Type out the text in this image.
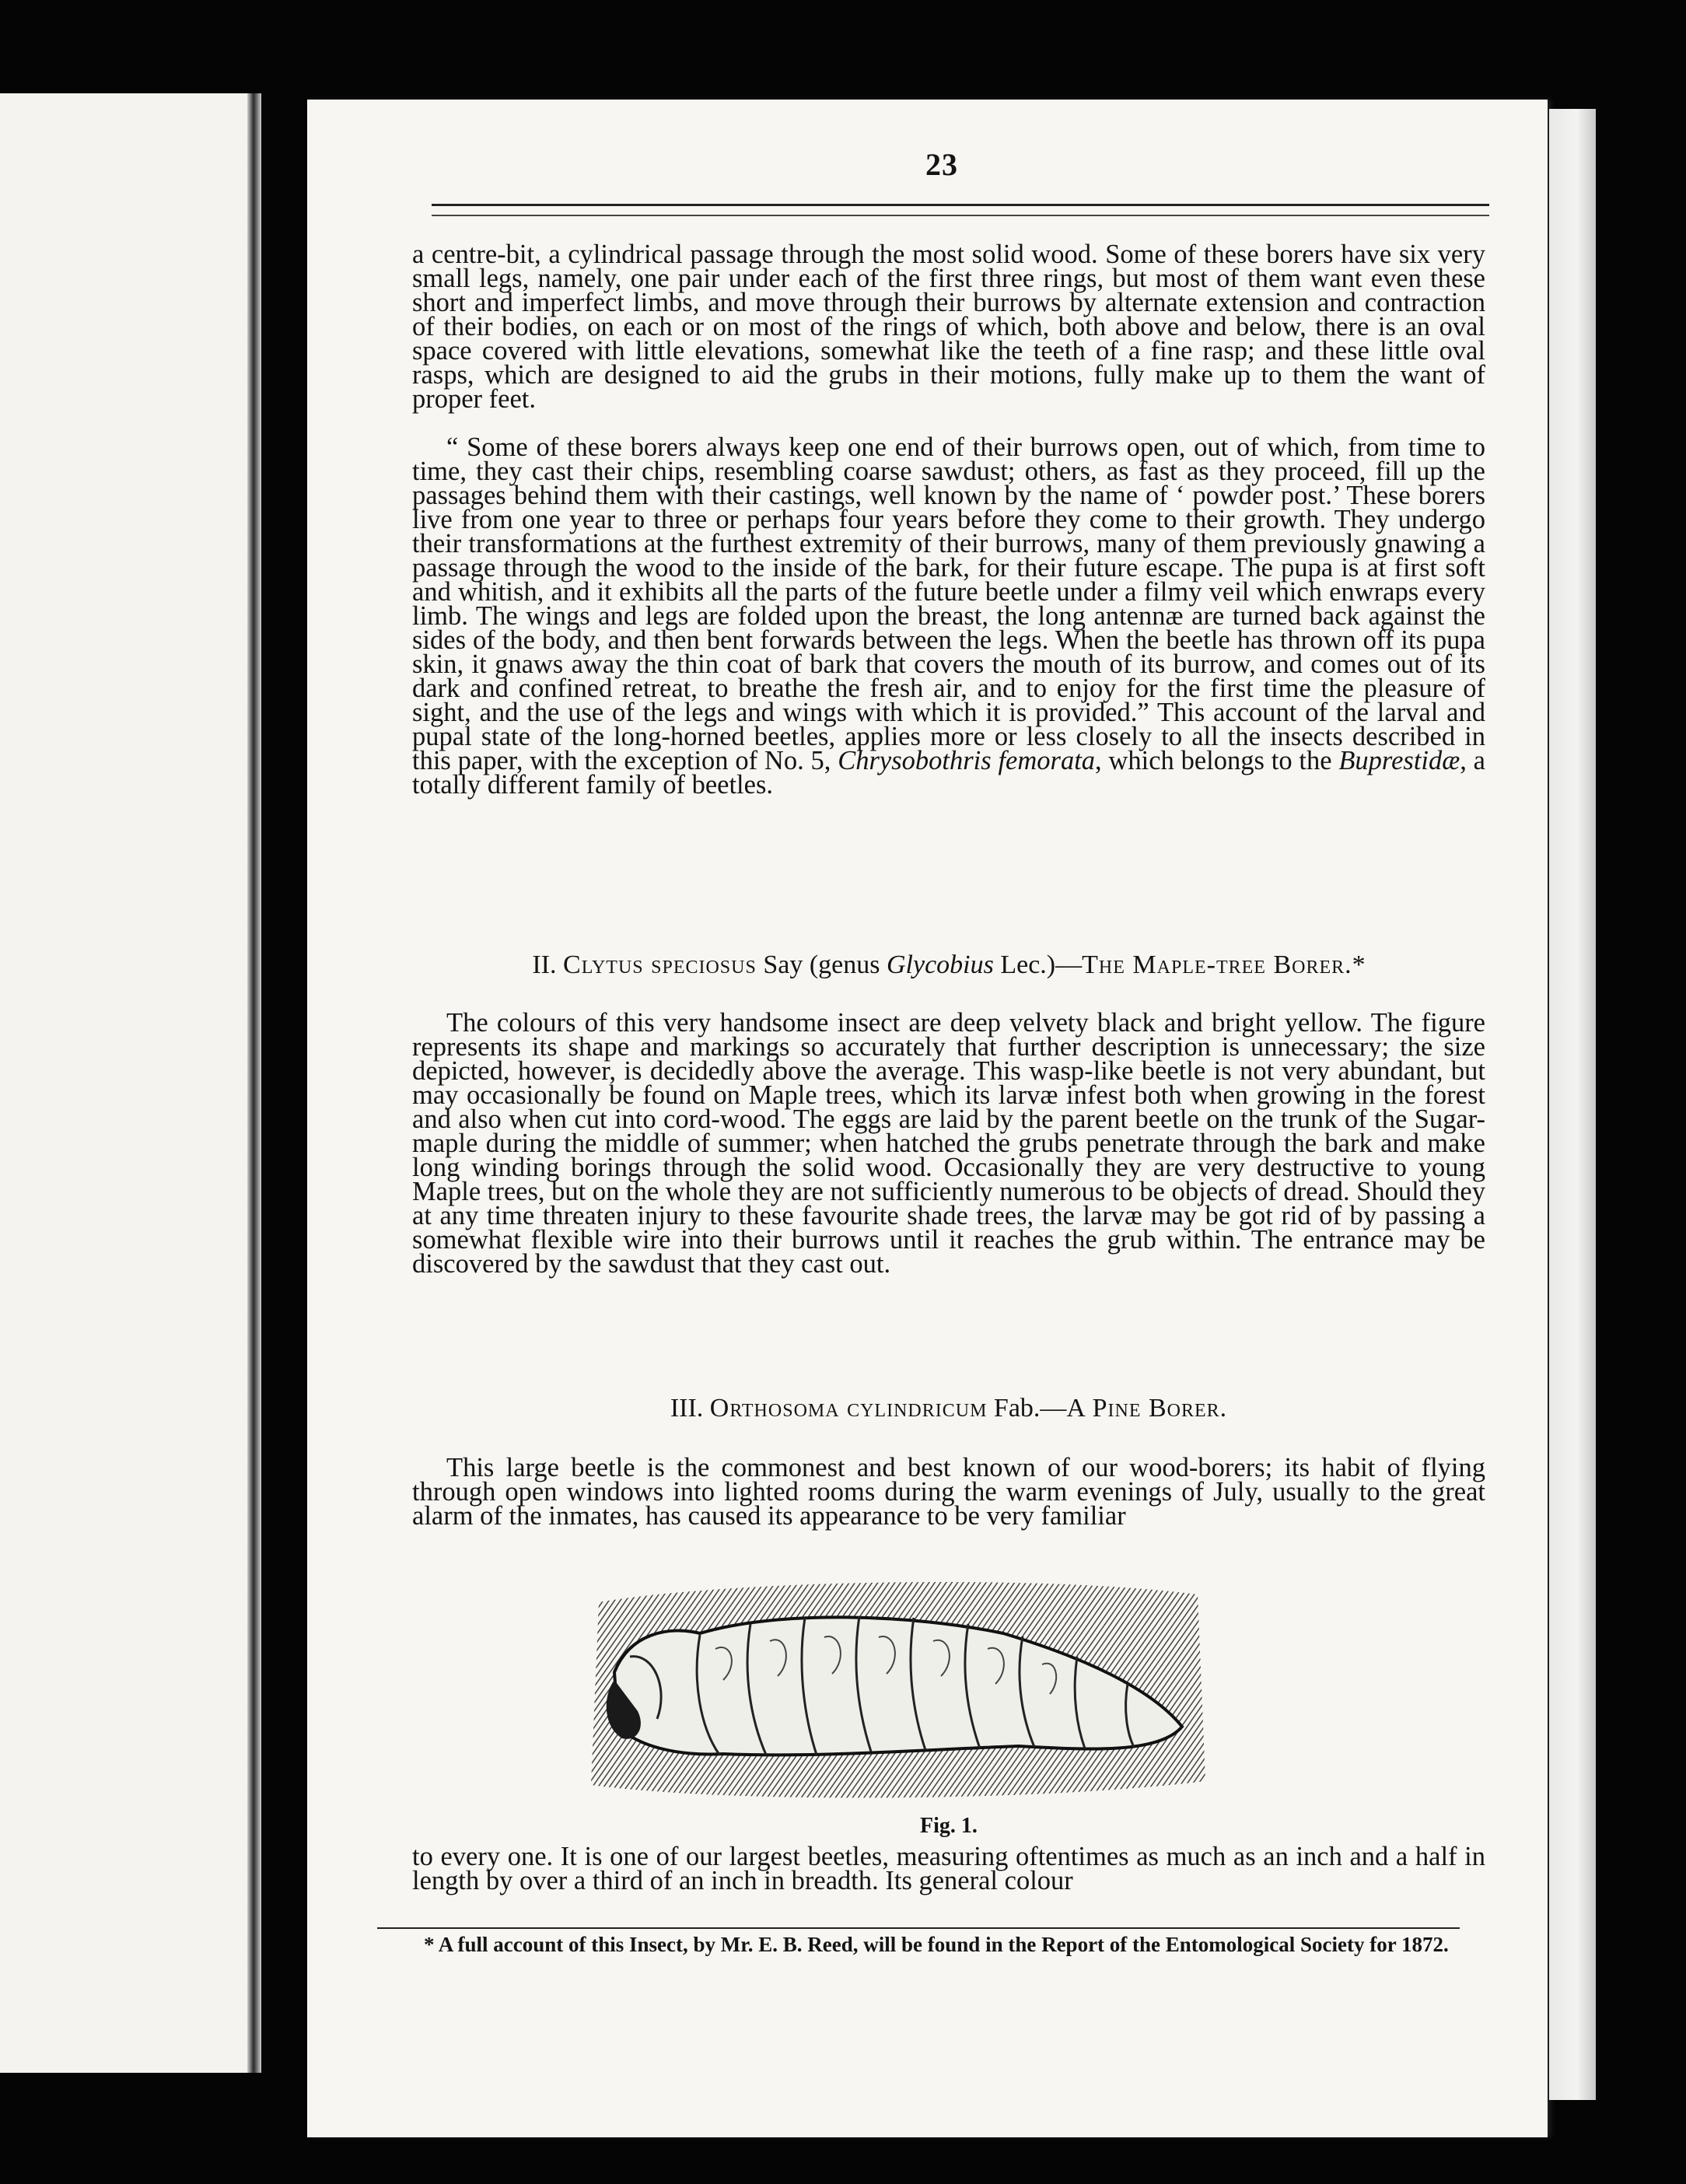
23

a centre-bit, a cylindrical passage through the most solid wood. Some of these borers have six very small legs, namely, one pair under each of the first three rings, but most of them want even these short and imperfect limbs, and move through their burrows by alternate extension and contraction of their bodies, on each or on most of the rings of which, both above and below, there is an oval space covered with little elevations, somewhat like the teeth of a fine rasp; and these little oval rasps, which are designed to aid the grubs in their motions, fully make up to them the want of proper feet.

“ Some of these borers always keep one end of their burrows open, out of which, from time to time, they cast their chips, resembling coarse sawdust; others, as fast as they proceed, fill up the passages behind them with their castings, well known by the name of ‘ powder post.’ These borers live from one year to three or perhaps four years before they come to their growth. They undergo their transformations at the furthest extremity of their burrows, many of them previously gnawing a passage through the wood to the inside of the bark, for their future escape. The pupa is at first soft and whitish, and it exhibits all the parts of the future beetle under a filmy veil which enwraps every limb. The wings and legs are folded upon the breast, the long antennæ are turned back against the sides of the body, and then bent forwards between the legs. When the beetle has thrown off its pupa skin, it gnaws away the thin coat of bark that covers the mouth of its burrow, and comes out of its dark and confined retreat, to breathe the fresh air, and to enjoy for the first time the pleasure of sight, and the use of the legs and wings with which it is provided.” This account of the larval and pupal state of the long-horned beetles, applies more or less closely to all the insects described in this paper, with the exception of No. 5, Chrysobothris femorata, which belongs to the Buprestidæ, a totally different family of beetles.

II. Clytus speciosus Say (genus Glycobius Lec.)—The Maple-tree Borer.*

The colours of this very handsome insect are deep velvety black and bright yellow. The figure represents its shape and markings so accurately that further description is unnecessary; the size depicted, however, is decidedly above the average. This wasp-like beetle is not very abundant, but may occasionally be found on Maple trees, which its larvæ infest both when growing in the forest and also when cut into cord-wood. The eggs are laid by the parent beetle on the trunk of the Sugar-maple during the middle of summer; when hatched the grubs penetrate through the bark and make long winding borings through the solid wood. Occasionally they are very destructive to young Maple trees, but on the whole they are not sufficiently numerous to be objects of dread. Should they at any time threaten injury to these favourite shade trees, the larvæ may be got rid of by passing a somewhat flexible wire into their burrows until it reaches the grub within. The entrance may be discovered by the sawdust that they cast out.

III. Orthosoma cylindricum Fab.—A Pine Borer.

This large beetle is the commonest and best known of our wood-borers; its habit of flying through open windows into lighted rooms during the warm evenings of July, usually to the great alarm of the inmates, has caused its appearance to be very familiar

Fig. 1.

to every one. It is one of our largest beetles, measuring oftentimes as much as an inch and a half in length by over a third of an inch in breadth. Its general colour

* A full account of this Insect, by Mr. E. B. Reed, will be found in the Report of the Entomological Society for 1872.
